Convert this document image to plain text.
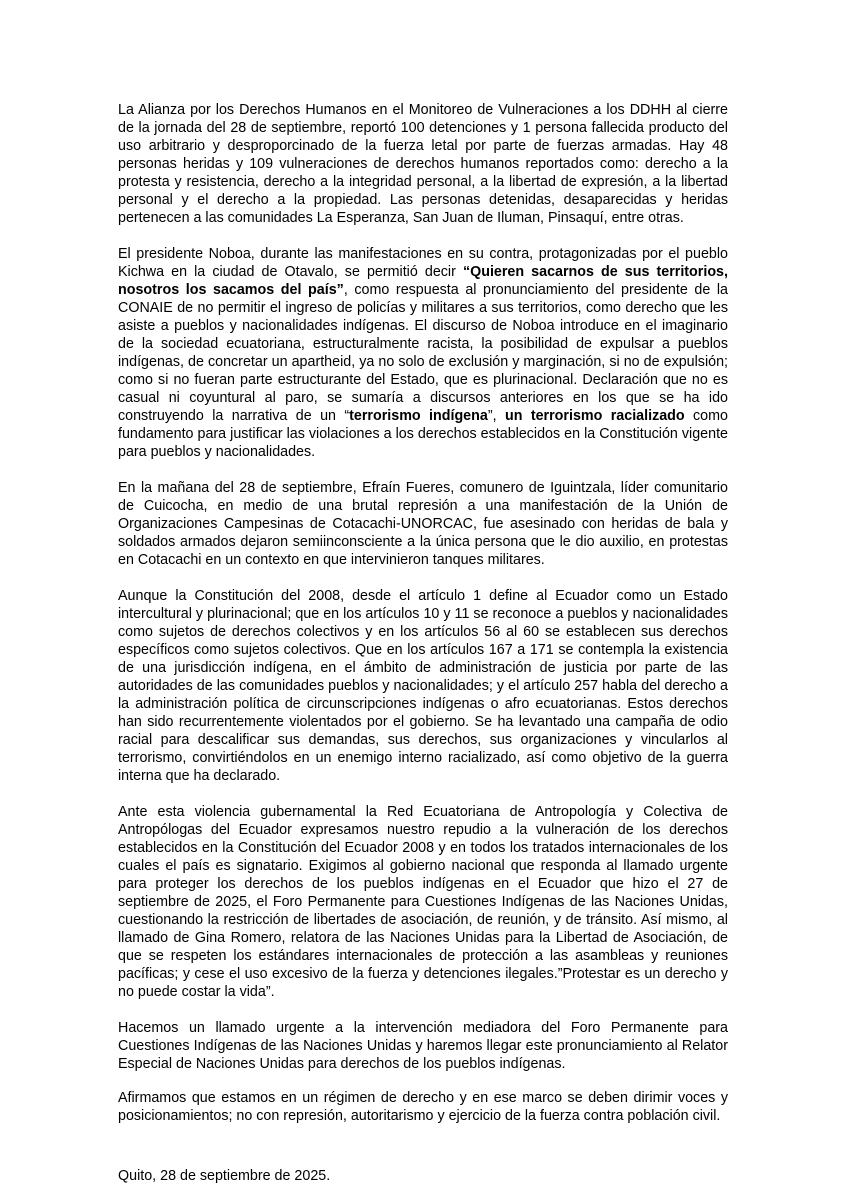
La Alianza por los Derechos Humanos en el Monitoreo de Vulneraciones a los DDHH al cierre de la jornada del 28 de septiembre, reportó 100 detenciones y 1 persona fallecida producto del uso arbitrario y desproporcinado de la fuerza letal por parte de fuerzas armadas. Hay 48 personas heridas y 109 vulneraciones de derechos humanos reportados como: derecho a la protesta y resistencia, derecho a la integridad personal, a la libertad de expresión, a la libertad personal y el derecho a la propiedad. Las personas detenidas, desaparecidas y heridas pertenecen a las comunidades La Esperanza, San Juan de Iluman, Pinsaquí, entre otras.

El presidente Noboa, durante las manifestaciones en su contra, protagonizadas por el pueblo Kichwa en la ciudad de Otavalo, se permitió decir “Quieren sacarnos de sus territorios, nosotros los sacamos del país”, como respuesta al pronunciamiento del presidente de la CONAIE de no permitir el ingreso de policías y militares a sus territorios, como derecho que les asiste a pueblos y nacionalidades indígenas. El discurso de Noboa introduce en el imaginario de la sociedad ecuatoriana, estructuralmente racista, la posibilidad de expulsar a pueblos indígenas, de concretar un apartheid, ya no solo de exclusión y marginación, si no de expulsión; como si no fueran parte estructurante del Estado, que es plurinacional. Declaración que no es casual ni coyuntural al paro, se sumaría a discursos anteriores en los que se ha ido construyendo la narrativa de un “terrorismo indígena”, un terrorismo racializado como fundamento para justificar las violaciones a los derechos establecidos en la Constitución vigente para pueblos y nacionalidades.

En la mañana del 28 de septiembre, Efraín Fueres, comunero de Iguintzala, líder comunitario de Cuicocha, en medio de una brutal represión a una manifestación de la Unión de Organizaciones Campesinas de Cotacachi-UNORCAC, fue asesinado con heridas de bala y soldados armados dejaron semiinconsciente a la única persona que le dio auxilio, en protestas en Cotacachi en un contexto en que intervinieron tanques militares.

Aunque la Constitución del 2008, desde el artículo 1 define al Ecuador como un Estado intercultural y plurinacional; que en los artículos 10 y 11 se reconoce a pueblos y nacionalidades como sujetos de derechos colectivos y en los artículos 56 al 60 se establecen sus derechos específicos como sujetos colectivos. Que en los artículos 167 a 171 se contempla la existencia de una jurisdicción indígena, en el ámbito de administración de justicia por parte de las autoridades de las comunidades pueblos y nacionalidades; y el artículo 257 habla del derecho a la administración política de circunscripciones indígenas o afro ecuatorianas. Estos derechos han sido recurrentemente violentados por el gobierno. Se ha levantado una campaña de odio racial para descalificar sus demandas, sus derechos, sus organizaciones y vincularlos al terrorismo, convirtiéndolos en un enemigo interno racializado, así como objetivo de la guerra interna que ha declarado.

Ante esta violencia gubernamental la Red Ecuatoriana de Antropología y Colectiva de Antropólogas del Ecuador expresamos nuestro repudio a la vulneración de los derechos establecidos en la Constitución del Ecuador 2008 y en todos los tratados internacionales de los cuales el país es signatario. Exigimos al gobierno nacional que responda al llamado urgente para proteger los derechos de los pueblos indígenas en el Ecuador que hizo el 27 de septiembre de 2025, el Foro Permanente para Cuestiones Indígenas de las Naciones Unidas, cuestionando la restricción de libertades de asociación, de reunión, y de tránsito. Así mismo, al llamado de Gina Romero, relatora de las Naciones Unidas para la Libertad de Asociación, de que se respeten los estándares internacionales de protección a las asambleas y reuniones pacíficas; y cese el uso excesivo de la fuerza y detenciones ilegales.”Protestar es un derecho y no puede costar la vida”.

Hacemos un llamado urgente a la intervención mediadora del Foro Permanente para Cuestiones Indígenas de las Naciones Unidas y haremos llegar este pronunciamiento al Relator Especial de Naciones Unidas para derechos de los pueblos indígenas.

Afirmamos que estamos en un régimen de derecho y en ese marco se deben dirimir voces y posicionamientos; no con represión, autoritarismo y ejercicio de la fuerza contra población civil.

Quito, 28 de septiembre de 2025.
